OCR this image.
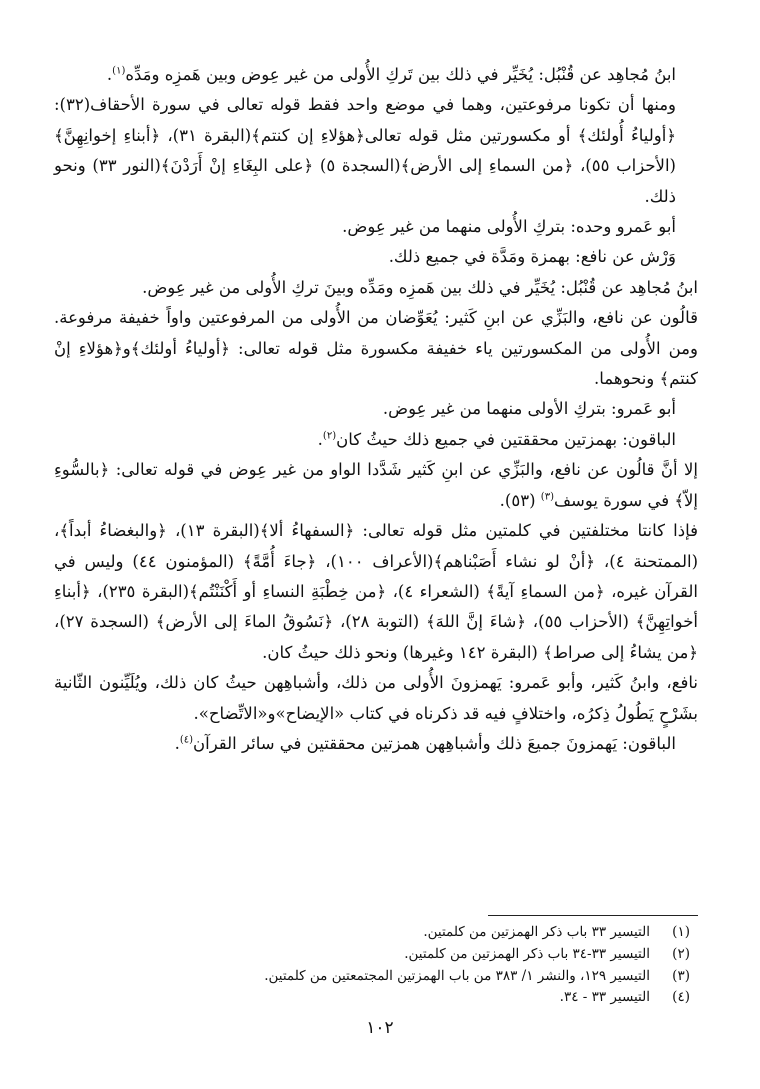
ابنُ مُجاهِد عن قُنْبُل: يُخَيِّر في ذلك بين تَركِ الأُولى من غير عِوض وبين هَمزِه ومَدِّه$^{(١)}$.

ومنها أن تكونا مرفوعتين، وهما في موضع واحد فقط قوله تعالى في سورة الأحقاف(٣٢): ﴿أولياءُ أُولئك﴾ أو مكسورتين مثل قوله تعالى﴿هؤلاءِ إن كنتم﴾(البقرة ٣١)، ﴿أبناءِ إخوانِهِنَّ﴾(الأحزاب ٥٥)، ﴿من السماءِ إلى الأرض﴾(السجدة ٥) ﴿على البِغَاءِ إنْ أَرَدْنَ﴾(النور ٣٣) ونحو ذلك.

أبو عَمرو وحده: بتركِ الأُولى منهما من غير عِوض.

وَرْش عن نافع: بهمزة ومَدَّة في جميع ذلك.

ابنُ مُجاهِد عن قُنْبُل: يُخَيِّر في ذلك بين هَمزِه ومَدِّه وبينَ تركِ الأُولى من غير عِوض.

قالُون عن نافع، والبَزِّي عن ابنِ كَثير: يُعَوِّضان من الأُولى من المرفوعتين واواً خفيفة مرفوعة. ومن الأُولى من المكسورتين ياء خفيفة مكسورة مثل قوله تعالى: ﴿أولياءُ أولئك﴾و﴿هؤلاءِ إنْ كنتم﴾ ونحوهما.

أبو عَمرو: بتركِ الأولى منهما من غير عِوض.

الباقون: بهمزتين محققتين في جميع ذلك حيثُ كان$^{(٢)}$.

إلا أنَّ قالُون عن نافع، والبَزِّي عن ابنِ كَثير شَدَّدا الواو من غير عِوض في قوله تعالى: ﴿بالسُّوءِ إلاّ﴾ في سورة يوسف$^{(٣)}$ (٥٣).

فإذا كانتا مختلفتين في كلمتين مثل قوله تعالى: ﴿السفهاءُ ألا﴾(البقرة ١٣)، ﴿والبغضاءُ أبداً﴾، (الممتحنة ٤)، ﴿أنْ لو نشاء أَصَبْناهم﴾(الأعراف ١٠٠)، ﴿جاءَ أُمَّةً﴾ (المؤمنون ٤٤) وليس في القرآن غيره، ﴿من السماءِ آيةً﴾ (الشعراء ٤)، ﴿من خِطْبَةِ النساءِ أو أَكْنَنْتُم﴾(البقرة ٢٣٥)، ﴿أبناءِ أخواتِهِنَّ﴾ (الأحزاب ٥٥)، ﴿شاءَ إنَّ اللهَ﴾ (التوبة ٢٨)، ﴿نَسُوقُ الماءَ إلى الأرض﴾ (السجدة ٢٧)، ﴿من يشاءُ إلى صراط﴾ (البقرة ١٤٢ وغيرها) ونحو ذلك حيثُ كان.

نافع، وابنُ كَثير، وأبو عَمرو: يَهمزونَ الأُولى من ذلك، وأشباهِهن حيثُ كان ذلك، ويُلَيِّنون الثّانية بشَرْحٍ يَطُولُ ذِكرُه، واختلافٍ فيه قد ذكرناه في كتاب «الإيضاح»و«الاتِّضاح».

الباقون: يَهمزونَ جميعَ ذلك وأشباهِهن همزتين محققتين في سائر القرآن$^{(٤)}$.

(١)
التيسير ٣٣ باب ذكر الهمزتين من كلمتين.
(٢)
التيسير ٣٣-٣٤ باب ذكر الهمزتين من كلمتين.
(٣)
التيسير ١٢٩، والنشر ١/ ٣٨٣ من باب الهمزتين المجتمعتين من كلمتين.
(٤)
التيسير ٣٣ - ٣٤.
١٠٢
